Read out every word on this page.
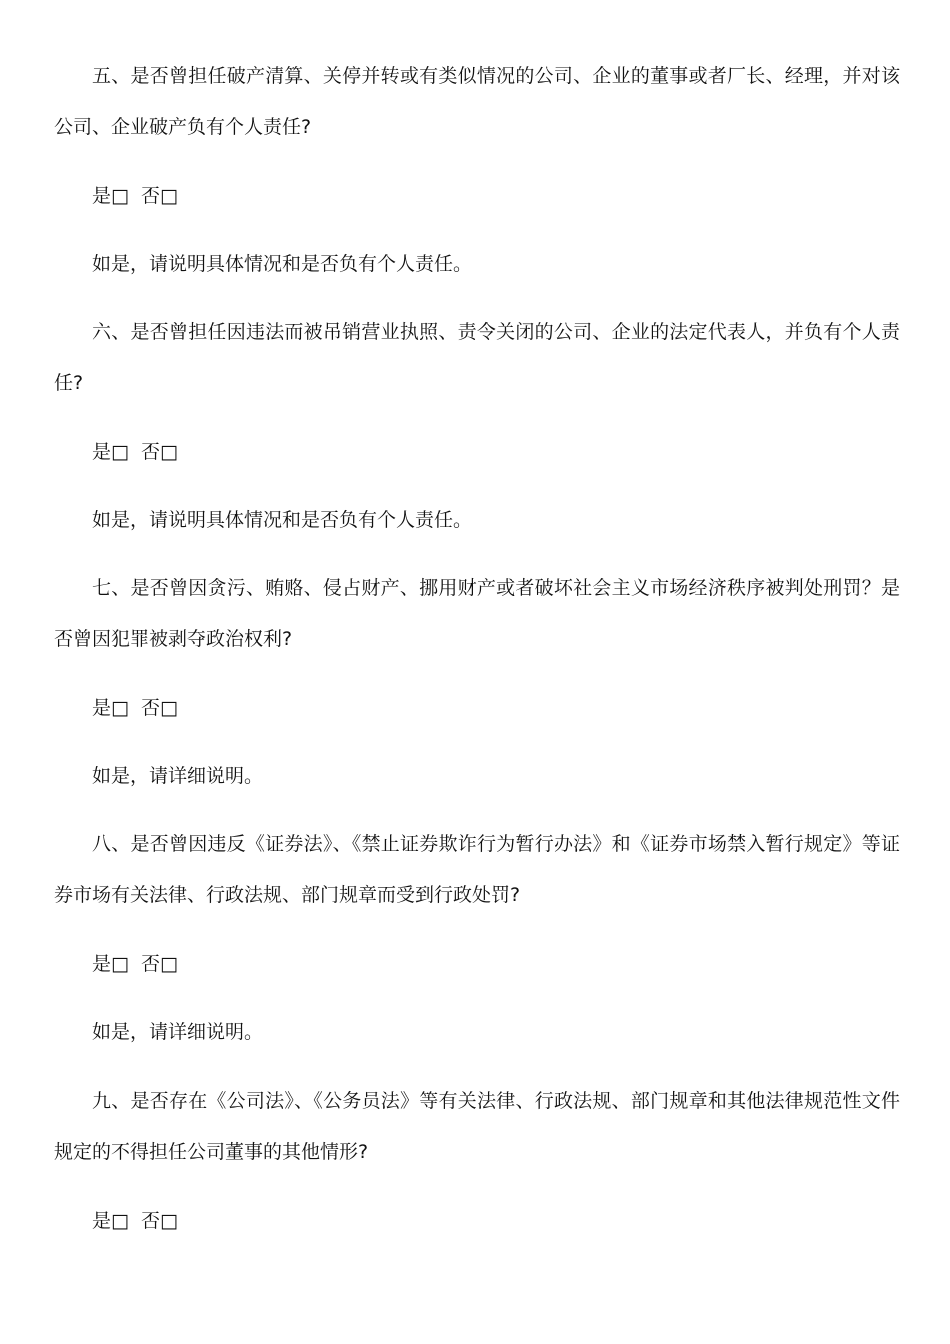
五、是否曾担任破产清算、关停并转或有类似情况的公司、企业的董事或者厂长、经理，并对该公司、企业破产负有个人责任?

是□ 否□
如是，请说明具体情况和是否负有个人责任。

六、是否曾担任因违法而被吊销营业执照、责令关闭的公司、企业的法定代表人，并负有个人责任?

是□ 否□
如是，请说明具体情况和是否负有个人责任。

七、是否曾因贪污、贿赂、侵占财产、挪用财产或者破坏社会主义市场经济秩序被判处刑罚？是否曾因犯罪被剥夺政治权利?

是□ 否□
如是，请详细说明。

八、是否曾因违反《证券法》、《禁止证券欺诈行为暂行办法》和《证券市场禁入暂行规定》等证券市场有关法律、行政法规、部门规章而受到行政处罚?

是□ 否□
如是，请详细说明。

九、是否存在《公司法》、《公务员法》等有关法律、行政法规、部门规章和其他法律规范性文件规定的不得担任公司董事的其他情形?

是□ 否□
